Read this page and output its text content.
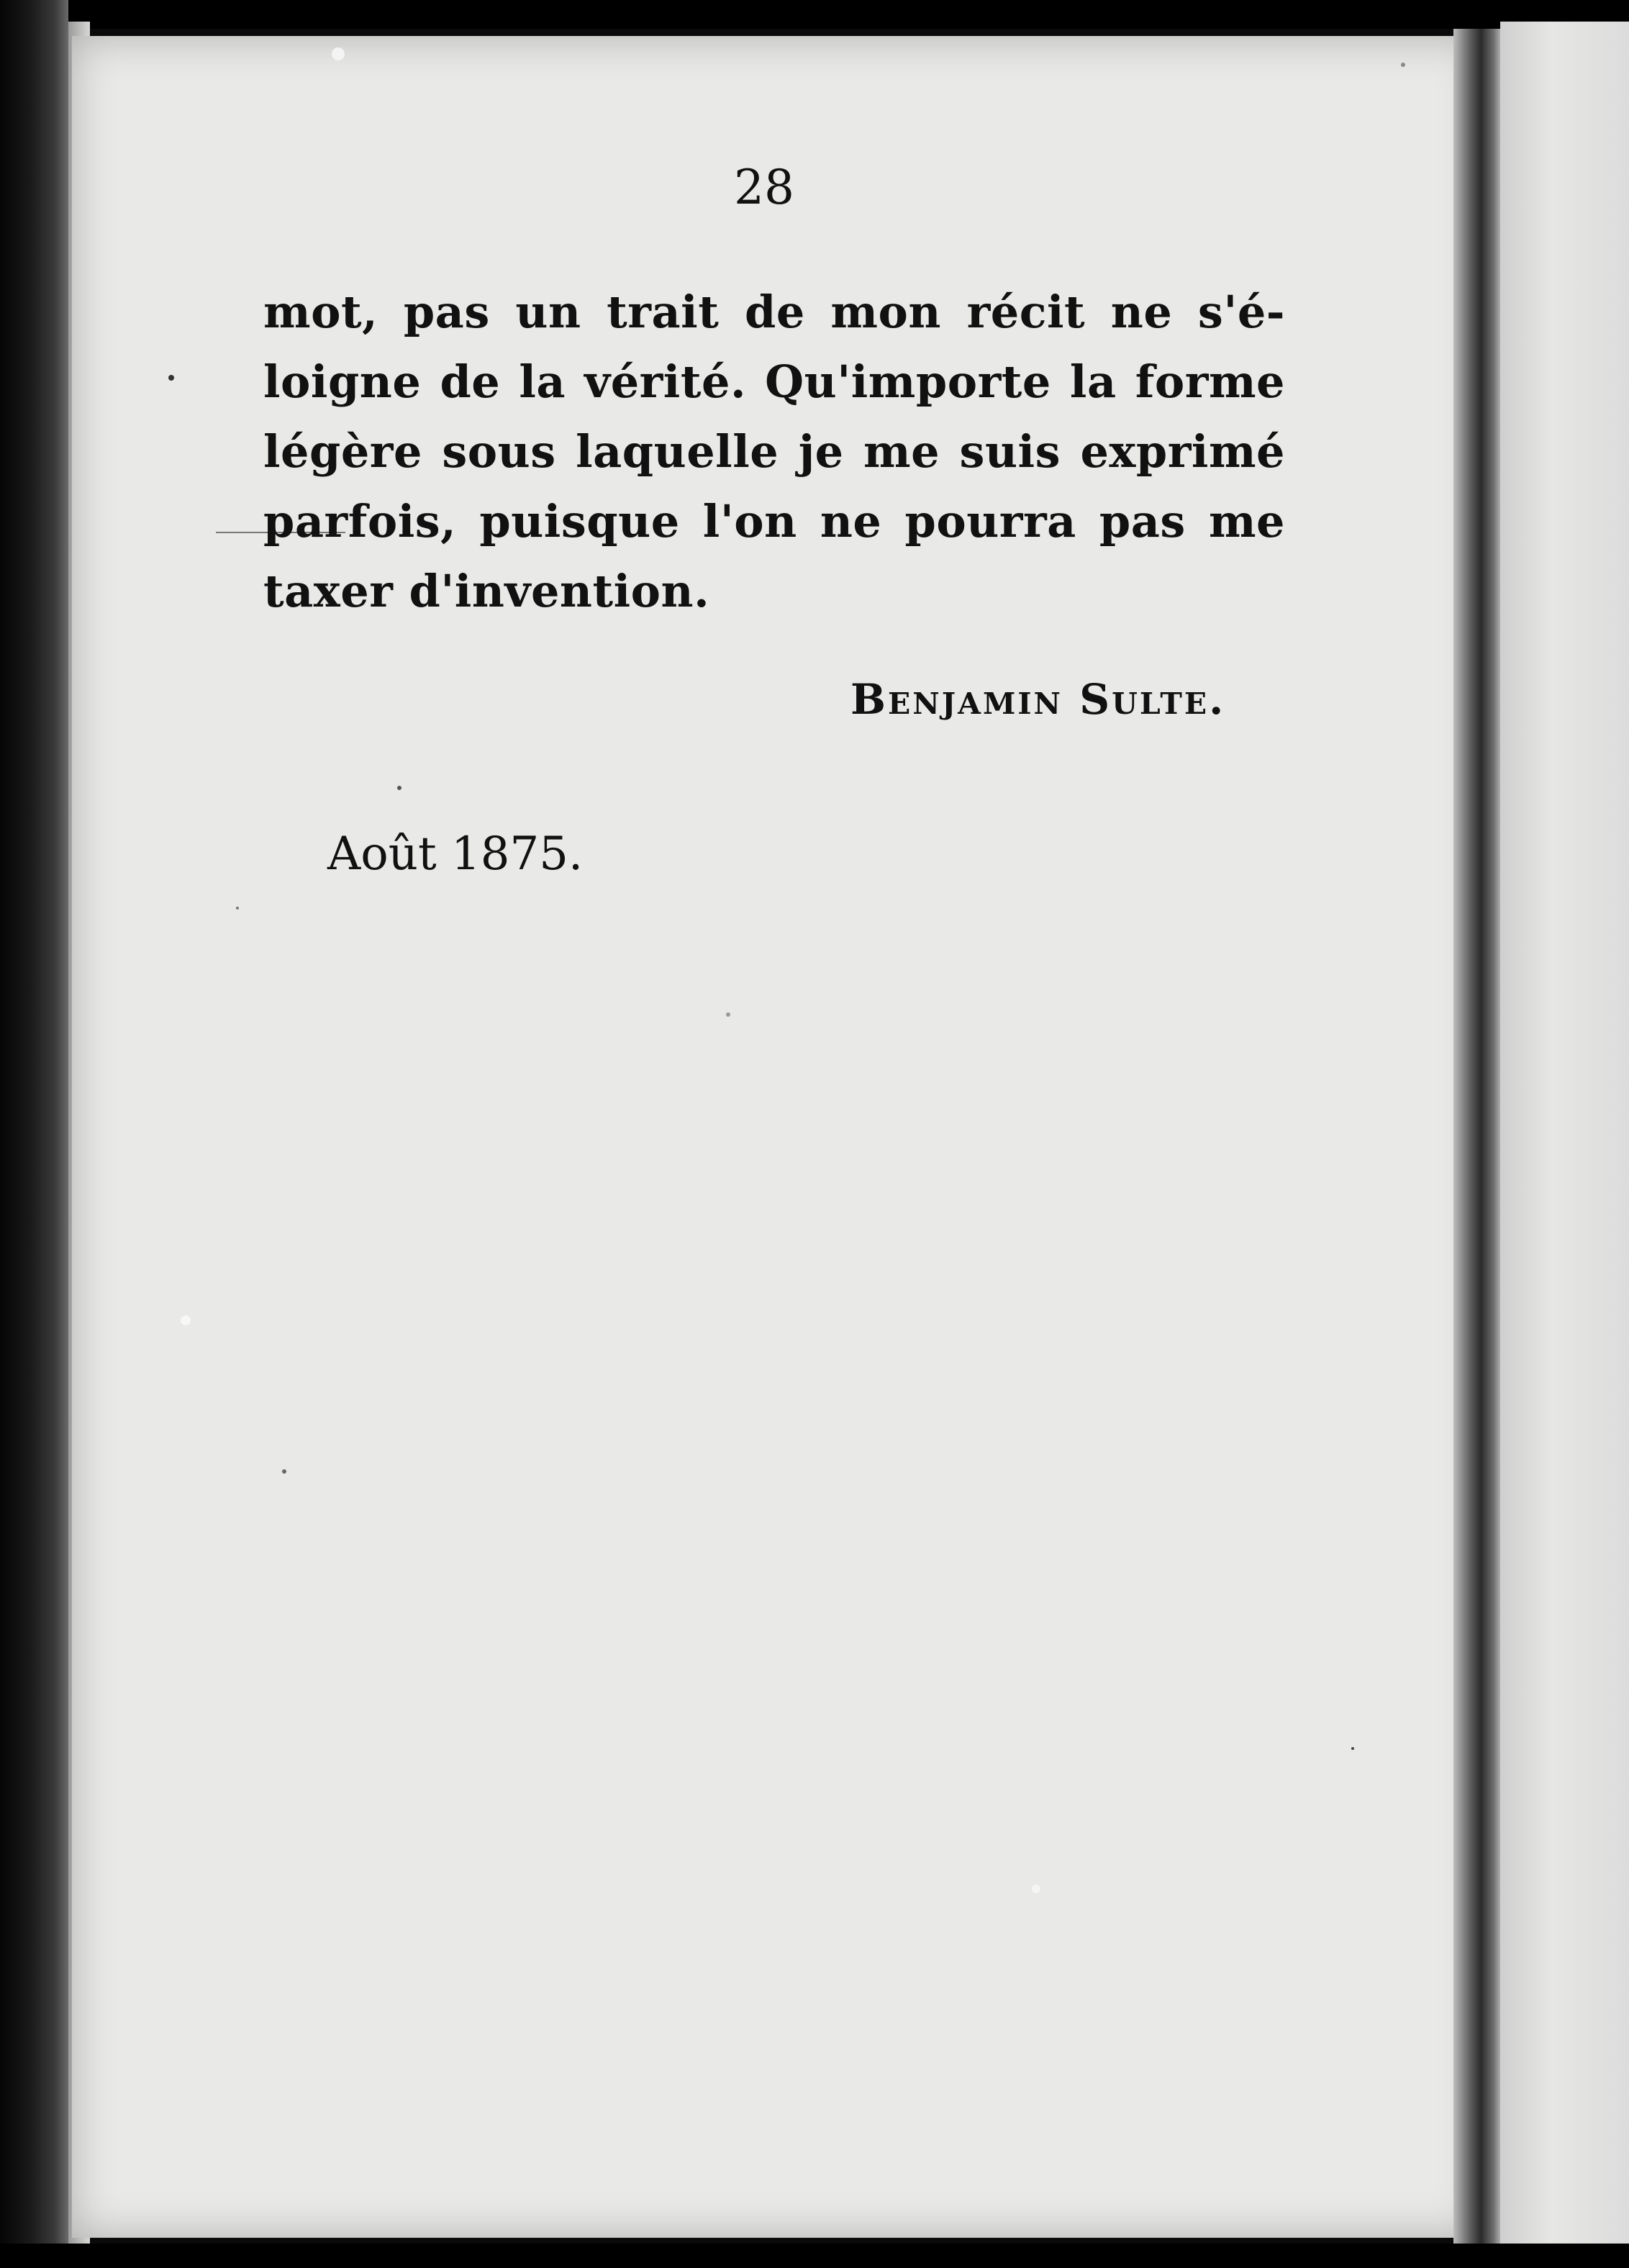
28
mot, pas un trait de mon récit ne s'é-
loigne de la vérité. Qu'importe la forme
légère sous laquelle je me suis exprimé
parfois, puisque l'on ne pourra pas me
taxer d'invention.
Benjamin Sulte.
Août 1875.
